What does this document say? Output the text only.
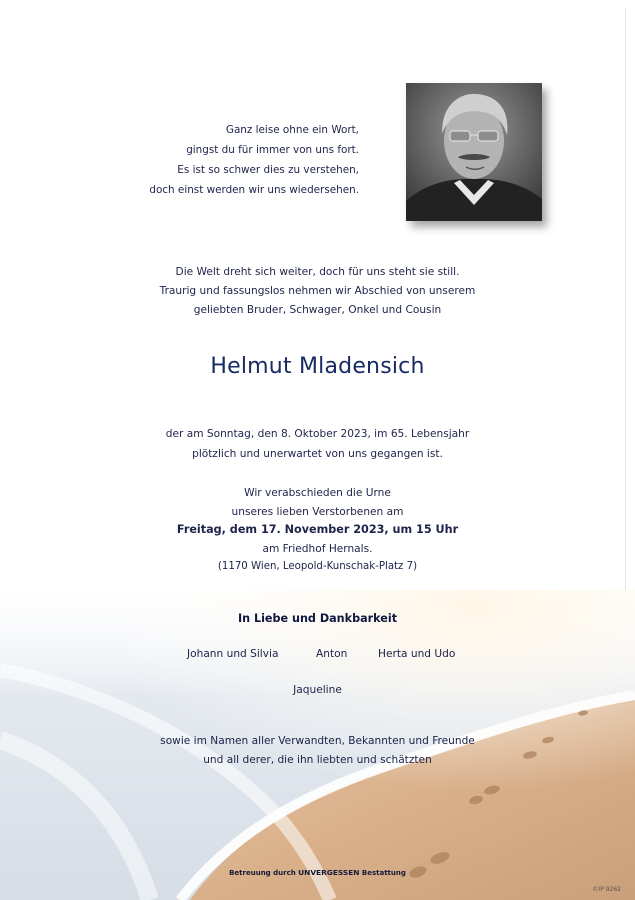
Ganz leise ohne ein Wort,
gingst du für immer von uns fort.
Es ist so schwer dies zu verstehen,
doch einst werden wir uns wiedersehen.
Die Welt dreht sich weiter, doch für uns steht sie still.
Traurig und fassungslos nehmen wir Abschied von unserem
geliebten Bruder, Schwager, Onkel und Cousin
Helmut Mladensich
der am Sonntag, den 8. Oktober 2023, im 65. Lebensjahr
plötzlich und unerwartet von uns gegangen ist.
Wir verabschieden die Urne
unseres lieben Verstorbenen am
Freitag, dem 17. November 2023, um 15 Uhr
am Friedhof Hernals.
(1170 Wien, Leopold-Kunschak-Platz 7)
In Liebe und Dankbarkeit
Johann und Silvia	Anton	Herta und Udo
Jaqueline
sowie im Namen aller Verwandten, Bekannten und Freunde
und all derer, die ihn liebten und schätzten
Betreuung durch UNVERGESSEN Bestattung
©IP 9262
